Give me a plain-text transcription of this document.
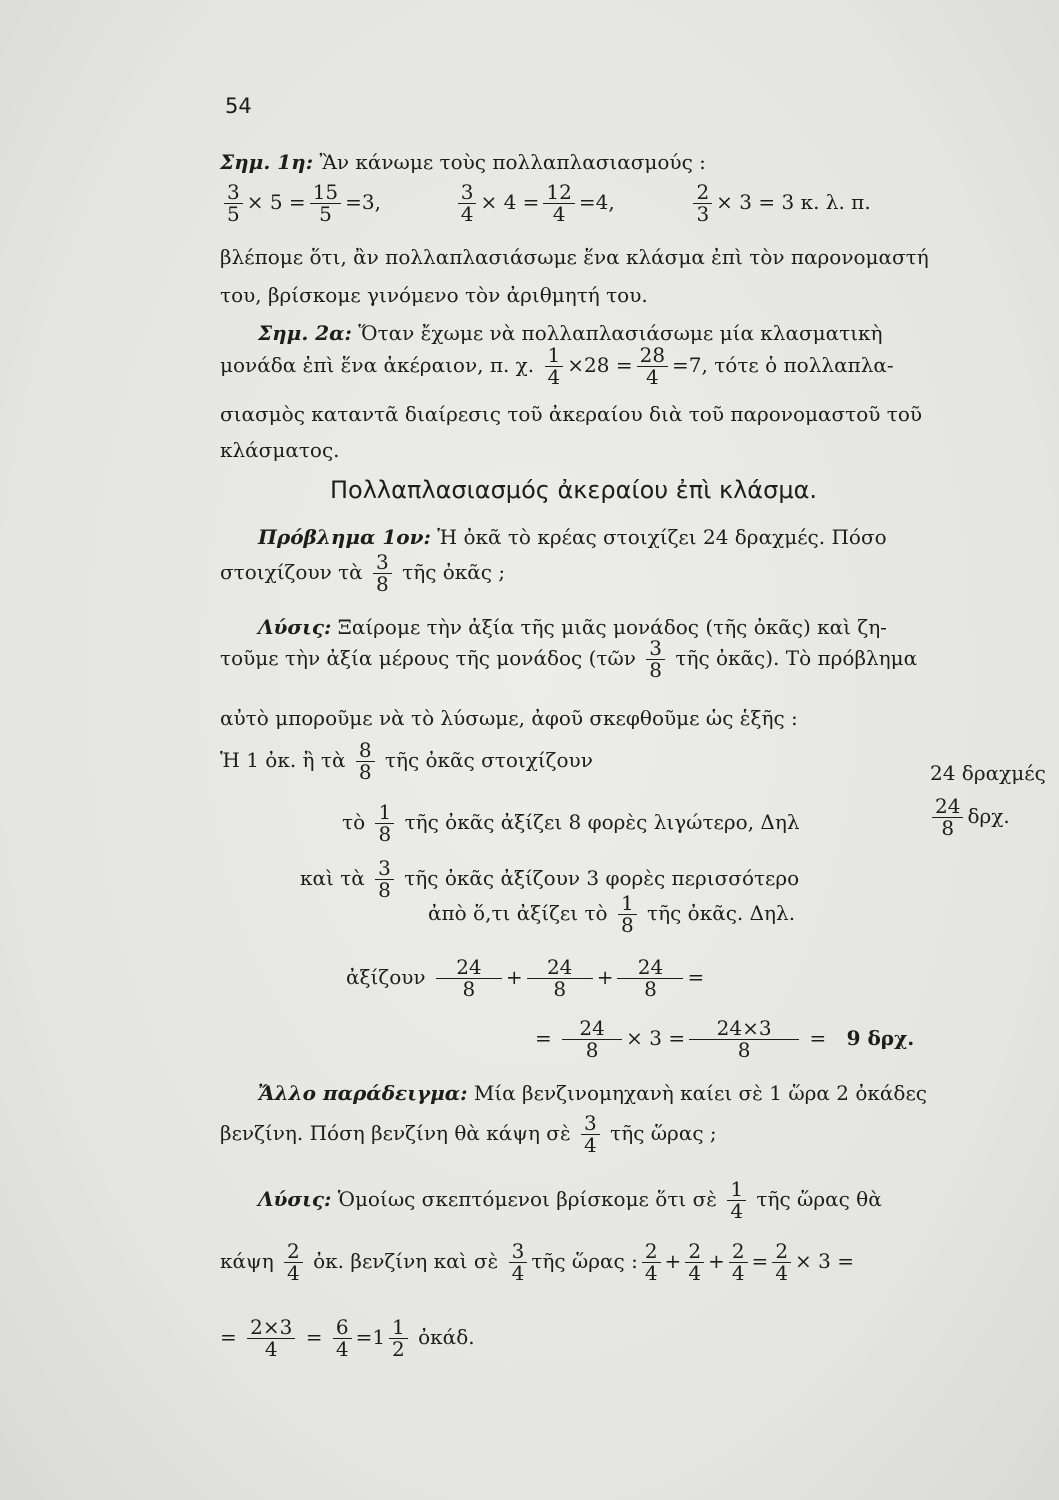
54
Σημ. 1η: Ἂν κάνωμε τοὺς πολλαπλασιασμούς :
$\frac{3}{5} \times 5 = \frac{15}{5} =3$,	$\frac{3}{4} \times 4 = \frac{12}{4} =4$,	$\frac{2}{3} \times 3 = 3$ κ. λ. π.
βλέπομε ὅτι, ἂν πολλαπλασιάσωμε ἕνα κλάσμα ἐπὶ τὸν παρονομαστή
του, βρίσκομε γινόμενο τὸν ἀριθμητή του.
Σημ. 2α: Ὅταν ἔχωμε νὰ πολλαπλασιάσωμε μία κλασματικὴ
μονάδα ἐπὶ ἕνα ἀκέραιον, π. χ. $\frac{1}{4} \times 28 = \frac{28}{4} =7$, τότε ὁ πολλαπλα-
σιασμὸς καταντᾶ διαίρεσις τοῦ ἀκεραίου διὰ τοῦ παρονομαστοῦ τοῦ
κλάσματος.
Πολλαπλασιασμός ἀκεραίου ἐπὶ κλάσμα.
Πρόβλημα 1ον: Ἡ ὀκᾶ τὸ κρέας στοιχίζει 24 δραχμές. Πόσο
στοιχίζουν τὰ $\frac{3}{8}$ τῆς ὀκᾶς ;
Λύσις: Ξαίρομε τὴν ἀξία τῆς μιᾶς μονάδος (τῆς ὀκᾶς) καὶ ζη-
τοῦμε τὴν ἀξία μέρους τῆς μονάδος (τῶν $\frac{3}{8}$ τῆς ὀκᾶς). Τὸ πρόβλημα
αὐτὸ μποροῦμε νὰ τὸ λύσωμε, ἀφοῦ σκεφθοῦμε ὡς ἑξῆς :
Ἡ 1 ὀκ. ἢ τὰ $\frac{8}{8}$ τῆς ὀκᾶς στοιχίζουν
24 δραχμές
τὸ $\frac{1}{8}$ τῆς ὀκᾶς ἀξίζει 8 φορὲς λιγώτερο, Δηλ	$\frac{24}{8} \delta\rho\chi$.
καὶ τὰ $\frac{3}{8}$ τῆς ὀκᾶς ἀξίζουν 3 φορὲς περισσότερο
ἀπὸ ὅ,τι ἀξίζει τὸ $\frac{1}{8}$ τῆς ὀκᾶς. Δηλ.
ἀξίζουν $\frac{24}{8} + \frac{24}{8} + \frac{24}{8}$ =
= $\frac{24}{8} \times 3 = \frac{24\times 3}{8} = 9$ δρχ.
Ἄλλο παράδειγμα: Μία βενζινομηχανὴ καίει σὲ 1 ὥρα 2 ὀκάδες
βενζίνη. Πόση βενζίνη θὰ κάψη σὲ $\frac{3}{4}$ τῆς ὥρας ;
Λύσις: Ὁμοίως σκεπτόμενοι βρίσκομε ὅτι σὲ $\frac{1}{4}$ τῆς ὥρας θὰ
κάψη $\frac{2}{4}$ ὀκ. βενζίνη καὶ σὲ $\frac{3}{4}$ τῆς ὥρας : $\frac{2}{4} + \frac{2}{4} + \frac{2}{4} = \frac{2}{4} \times 3$ =
= $\frac{2\times 3}{4} = \frac{6}{4} =1 \frac{1}{2}$ ὀκάδ.
